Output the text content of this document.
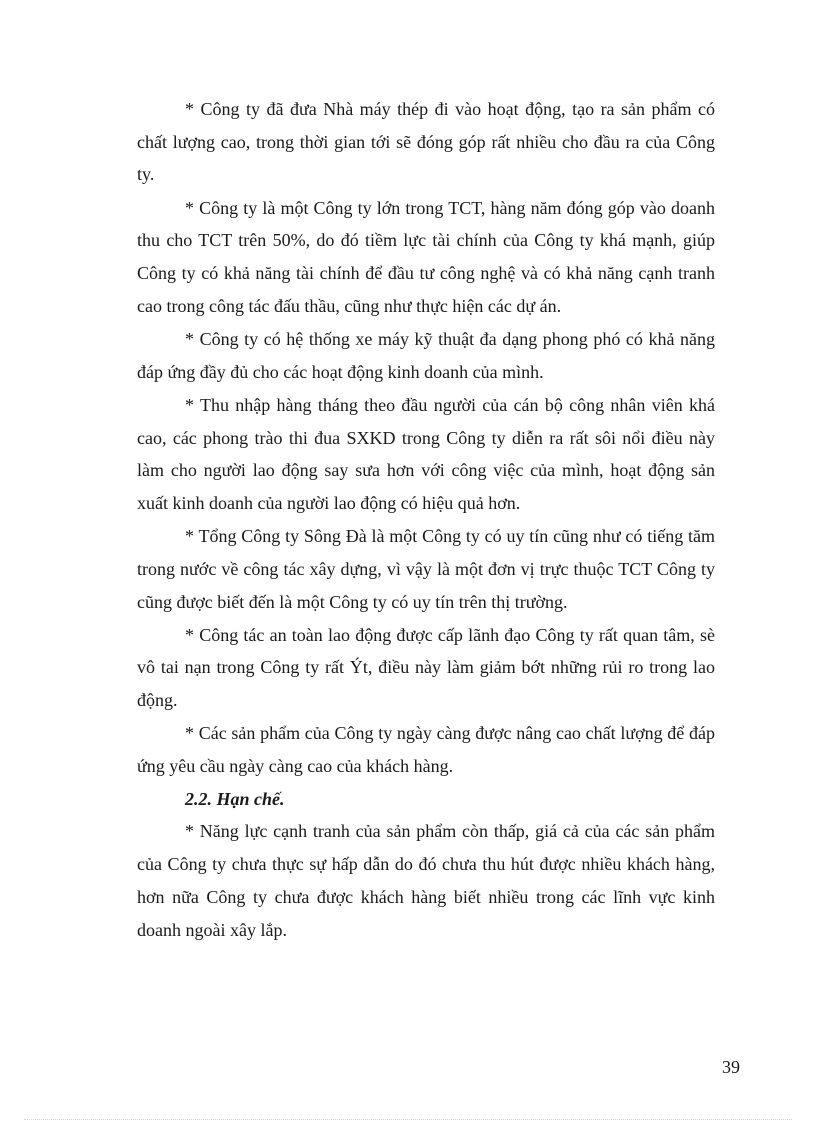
* Công ty đã đưa Nhà máy thép đi vào hoạt động, tạo ra sản phẩm có chất lượng cao, trong thời gian tới sẽ đóng góp rất nhiều cho đầu ra của Công ty.

* Công ty là một Công ty lớn trong TCT, hàng năm đóng góp vào doanh thu cho TCT trên 50%, do đó tiềm lực tài chính của Công ty khá mạnh, giúp Công ty có khả năng tài chính để đầu tư công nghệ và có khả năng cạnh tranh cao trong công tác đấu thầu, cũng như thực hiện các dự án.

* Công ty có hệ thống xe máy kỹ thuật đa dạng phong phó có khả năng đáp ứng đầy đủ cho các hoạt động kinh doanh của mình.

* Thu nhập hàng tháng theo đầu người của cán bộ công nhân viên khá cao, các phong trào thi đua SXKD trong Công ty diễn ra rất sôi nổi điều này làm cho người lao động say sưa hơn với công việc của mình, hoạt động sản xuất kinh doanh của người lao động có hiệu quả hơn.

* Tổng Công ty Sông Đà là một Công ty có uy tín cũng như có tiếng tăm trong nước về công tác xây dựng, vì vậy là một đơn vị trực thuộc TCT Công ty cũng được biết đến là một Công ty có uy tín trên thị trường.

* Công tác an toàn lao động được cấp lãnh đạo Công ty rất quan tâm, sè vô tai nạn trong Công ty rất Ýt, điều này làm giảm bớt những rủi ro trong lao động.

* Các sản phẩm của Công ty ngày càng được nâng cao chất lượng để đáp ứng yêu cầu ngày càng cao của khách hàng.

2.2. Hạn chế.

* Năng lực cạnh tranh của sản phẩm còn thấp, giá cả của các sản phẩm của Công ty chưa thực sự hấp dẫn do đó chưa thu hút được nhiều khách hàng, hơn nữa Công ty chưa được khách hàng biết nhiều trong các lĩnh vực kinh doanh ngoài xây lắp.

39
